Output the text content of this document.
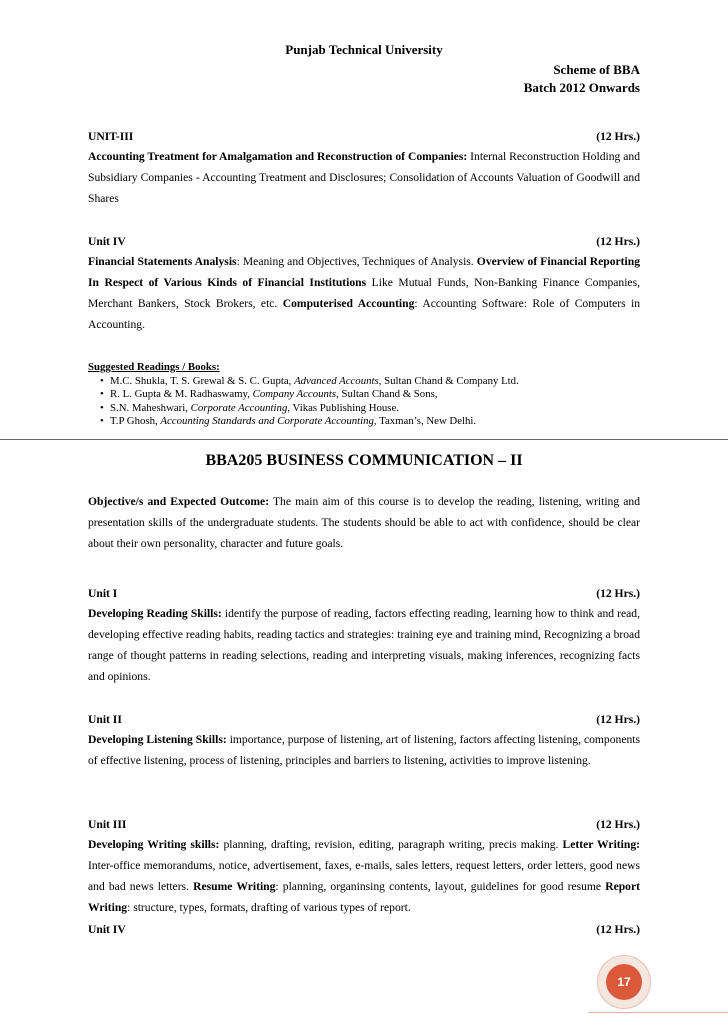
Punjab Technical University
Scheme of BBA
Batch 2012 Onwards
UNIT-III	(12 Hrs.)
Accounting Treatment for Amalgamation and Reconstruction of Companies: Internal Reconstruction Holding and Subsidiary Companies - Accounting Treatment and Disclosures; Consolidation of Accounts Valuation of Goodwill and Shares
Unit IV	(12 Hrs.)
Financial Statements Analysis: Meaning and Objectives, Techniques of Analysis. Overview of Financial Reporting In Respect of Various Kinds of Financial Institutions Like Mutual Funds, Non-Banking Finance Companies, Merchant Bankers, Stock Brokers, etc. Computerised Accounting: Accounting Software: Role of Computers in Accounting.
Suggested Readings / Books:
• M.C. Shukla, T. S. Grewal & S. C. Gupta, Advanced Accounts, Sultan Chand & Company Ltd.
• R. L. Gupta & M. Radhaswamy, Company Accounts, Sultan Chand & Sons,
• S.N. Maheshwari, Corporate Accounting, Vikas Publishing House.
• T.P Ghosh, Accounting Standards and Corporate Accounting, Taxman’s, New Delhi.
BBA205 BUSINESS COMMUNICATION – II
Objective/s and Expected Outcome: The main aim of this course is to develop the reading, listening, writing and presentation skills of the undergraduate students. The students should be able to act with confidence, should be clear about their own personality, character and future goals.
Unit I	(12 Hrs.)
Developing Reading Skills: identify the purpose of reading, factors effecting reading, learning how to think and read, developing effective reading habits, reading tactics and strategies: training eye and training mind, Recognizing a broad range of thought patterns in reading selections, reading and interpreting visuals, making inferences, recognizing facts and opinions.
Unit II	(12 Hrs.)
Developing Listening Skills: importance, purpose of listening, art of listening, factors affecting listening, components of effective listening, process of listening, principles and barriers to listening, activities to improve listening.
Unit III	(12 Hrs.)
Developing Writing skills: planning, drafting, revision, editing, paragraph writing, precis making. Letter Writing: Inter-office memorandums, notice, advertisement, faxes, e-mails, sales letters, request letters, order letters, good news and bad news letters. Resume Writing: planning, organinsing contents, layout, guidelines for good resume Report Writing: structure, types, formats, drafting of various types of report.
Unit IV	(12 Hrs.)
17
